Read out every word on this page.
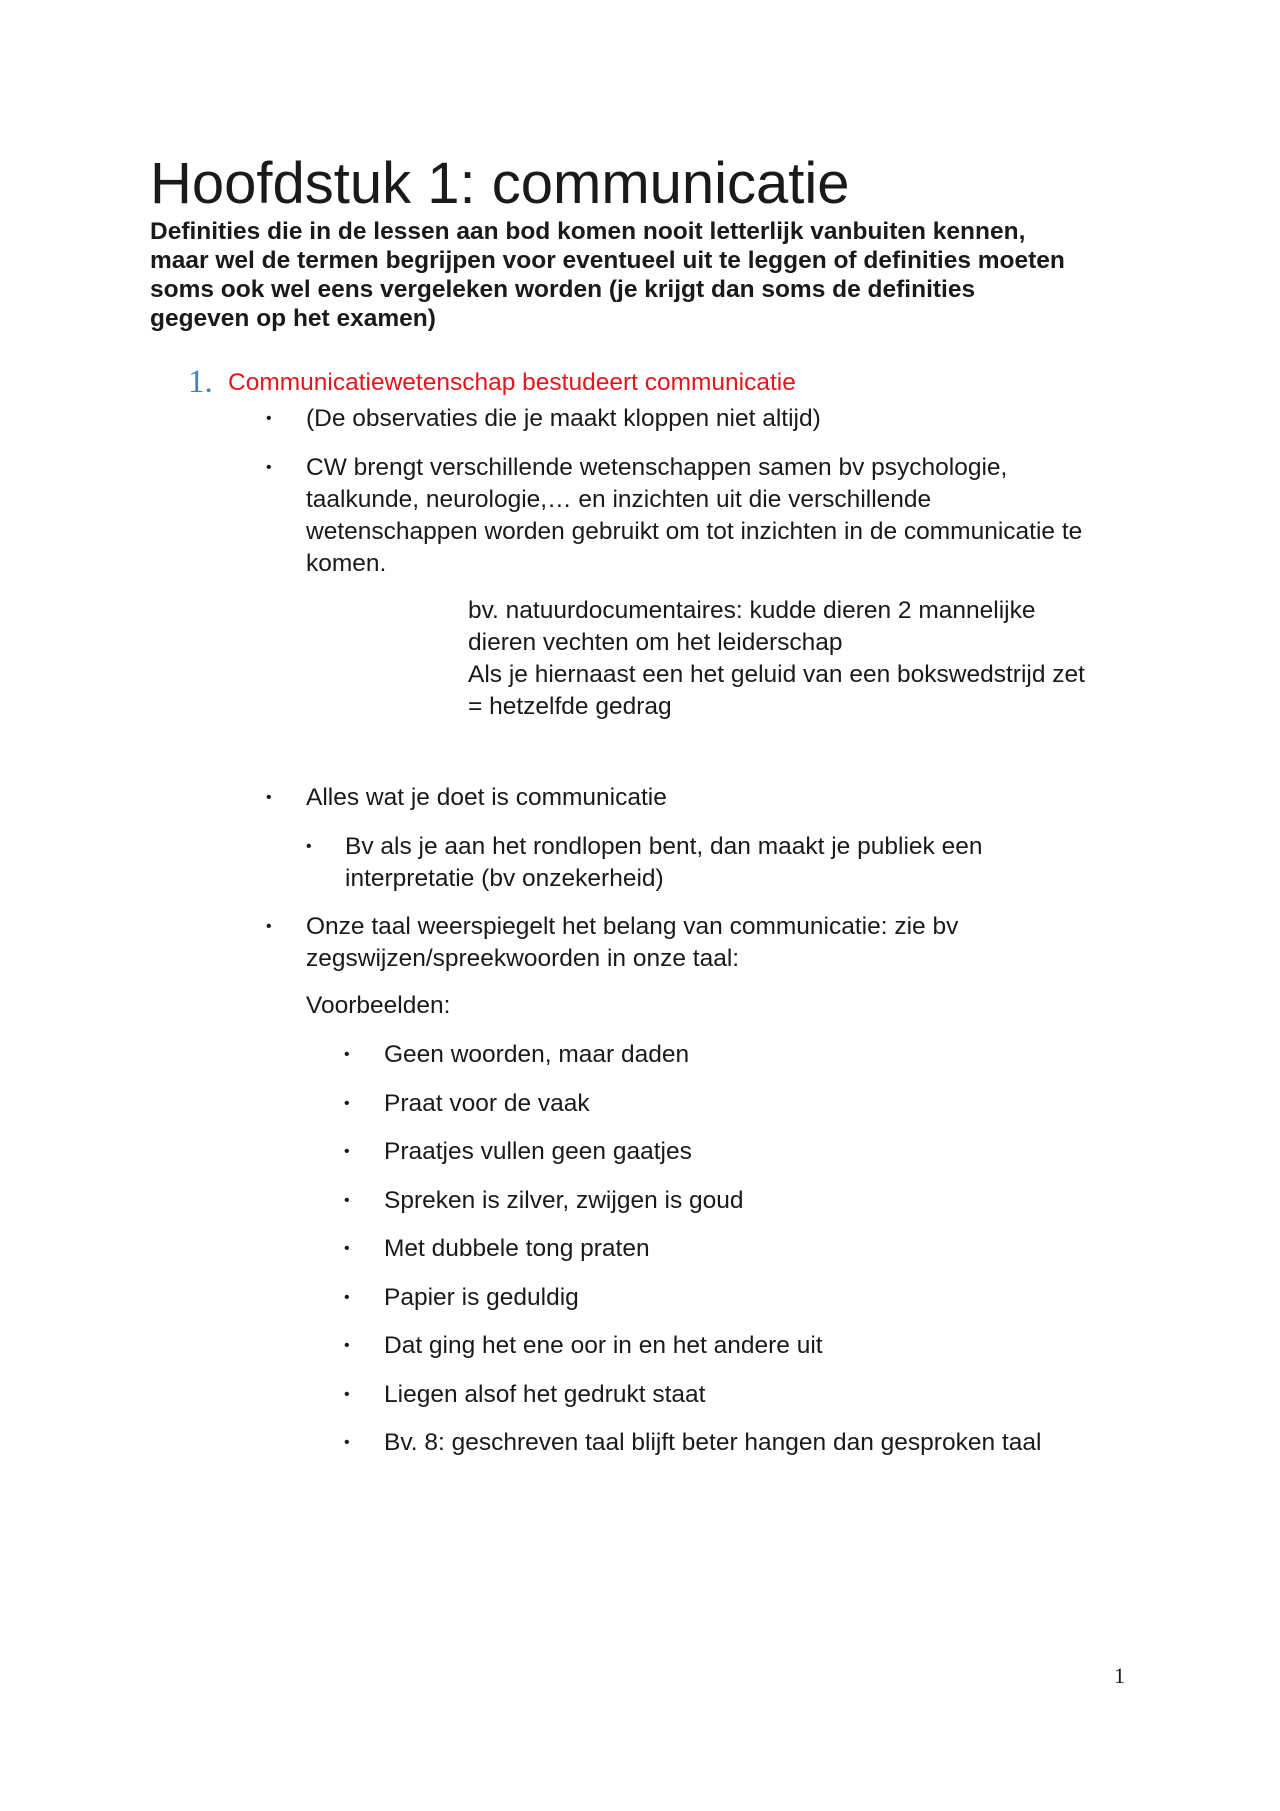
Hoofdstuk 1: communicatie

Definities die in de lessen aan bod komen nooit letterlijk vanbuiten kennen,
maar wel de termen begrijpen voor eventueel uit te leggen of definities moeten
soms ook wel eens vergeleken worden (je krijgt dan soms de definities
gegeven op het examen)

1. Communicatiewetenschap bestudeert communicatie
• (De observaties die je maakt kloppen niet altijd)
• CW brengt verschillende wetenschappen samen bv psychologie,
taalkunde, neurologie,… en inzichten uit die verschillende
wetenschappen worden gebruikt om tot inzichten in de communicatie te
komen.
bv. natuurdocumentaires: kudde dieren 2 mannelijke
dieren vechten om het leiderschap
Als je hiernaast een het geluid van een bokswedstrijd zet
= hetzelfde gedrag
• Alles wat je doet is communicatie
• Bv als je aan het rondlopen bent, dan maakt je publiek een
interpretatie (bv onzekerheid)
• Onze taal weerspiegelt het belang van communicatie: zie bv
zegswijzen/spreekwoorden in onze taal:
Voorbeelden:
• Geen woorden, maar daden
• Praat voor de vaak
• Praatjes vullen geen gaatjes
• Spreken is zilver, zwijgen is goud
• Met dubbele tong praten
• Papier is geduldig
• Dat ging het ene oor in en het andere uit
• Liegen alsof het gedrukt staat
• Bv. 8: geschreven taal blijft beter hangen dan gesproken taal
1
